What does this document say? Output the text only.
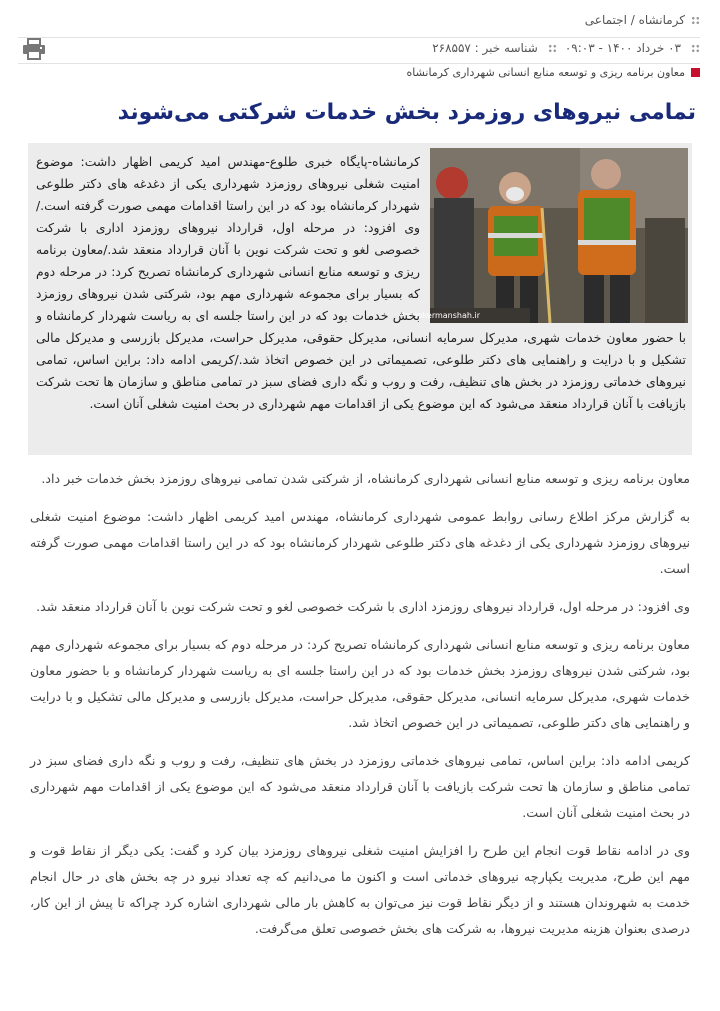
کرمانشاه / اجتماعی
۰۳ خرداد ۱۴۰۰ - ۰۹:۰۳
شناسه خبر : ۲۶۸۵۵۷
معاون برنامه ریزی و توسعه منابع انسانی شهرداری کرمانشاه
تمامی نیروهای روزمزد بخش خدمات شرکتی می‌شوند
tolookermanshah.ir
کرمانشاه-پایگاه خبری طلوع-مهندس امید کریمی اظهار داشت: موضوع امنیت شغلی نیروهای روزمزد شهرداری یکی از دغدغه های دکتر طلوعی شهردار کرمانشاه بود که در این راستا اقدامات مهمی صورت گرفته است./وی افزود: در مرحله اول، قرارداد نیروهای روزمزد اداری با شرکت خصوصی لغو و تحت شرکت نوین با آنان قرارداد منعقد شد./معاون برنامه ریزی و توسعه منابع انسانی شهرداری کرمانشاه تصریح کرد: در مرحله دوم که بسیار برای مجموعه شهرداری مهم بود، شرکتی شدن نیروهای روزمزد بخش خدمات بود که در این راستا جلسه ای به ریاست شهردار کرمانشاه و با حضور معاون خدمات شهری، مدیرکل سرمایه انسانی، مدیرکل حقوقی، مدیرکل حراست، مدیرکل بازرسی و مدیرکل مالی تشکیل و با درایت و راهنمایی های دکتر طلوعی، تصمیماتی در این خصوص اتخاذ شد./کریمی ادامه داد: براین اساس، تمامی نیروهای خدماتی روزمزد در بخش های تنظیف، رفت و روب و نگه داری فضای سبز در تمامی مناطق و سازمان ها تحت شرکت بازیافت با آنان قرارداد منعقد می‌شود که این موضوع یکی از اقدامات مهم شهرداری در بحث امنیت شغلی آنان است.

معاون برنامه ریزی و توسعه منابع انسانی شهرداری کرمانشاه، از شرکتی شدن تمامی نیروهای روزمزد بخش خدمات خبر داد.

به گزارش مرکز اطلاع رسانی روابط عمومی شهرداری کرمانشاه، مهندس امید کریمی اظهار داشت: موضوع امنیت شغلی نیروهای روزمزد شهرداری یکی از دغدغه های دکتر طلوعی شهردار کرمانشاه بود که در این راستا اقدامات مهمی صورت گرفته است.

وی افزود: در مرحله اول، قرارداد نیروهای روزمزد اداری با شرکت خصوصی لغو و تحت شرکت نوین با آنان قرارداد منعقد شد.

معاون برنامه ریزی و توسعه منابع انسانی شهرداری کرمانشاه تصریح کرد: در مرحله دوم که بسیار برای مجموعه شهرداری مهم بود، شرکتی شدن نیروهای روزمزد بخش خدمات بود که در این راستا جلسه ای به ریاست شهردار کرمانشاه و با حضور معاون خدمات شهری، مدیرکل سرمایه انسانی، مدیرکل حقوقی، مدیرکل حراست، مدیرکل بازرسی و مدیرکل مالی تشکیل و با درایت و راهنمایی های دکتر طلوعی، تصمیماتی در این خصوص اتخاذ شد.

کریمی ادامه داد: براین اساس، تمامی نیروهای خدماتی روزمزد در بخش های تنظیف، رفت و روب و نگه داری فضای سبز در تمامی مناطق و سازمان ها تحت شرکت بازیافت با آنان قرارداد منعقد می‌شود که این موضوع یکی از اقدامات مهم شهرداری در بحث امنیت شغلی آنان است.

وی در ادامه نقاط قوت انجام این طرح را افزایش امنیت شغلی نیروهای روزمزد بیان کرد و گفت: یکی دیگر از نقاط قوت و مهم این طرح، مدیریت یکپارچه نیروهای خدماتی است و اکنون ما می‌دانیم که چه تعداد نیرو در چه بخش های در حال انجام خدمت به شهروندان هستند و از دیگر نقاط قوت نیز می‌توان به کاهش بار مالی شهرداری اشاره کرد چراکه تا پیش از این کار، درصدی بعنوان هزینه مدیریت نیروها، به شرکت های بخش خصوصی تعلق می‌گرفت.
